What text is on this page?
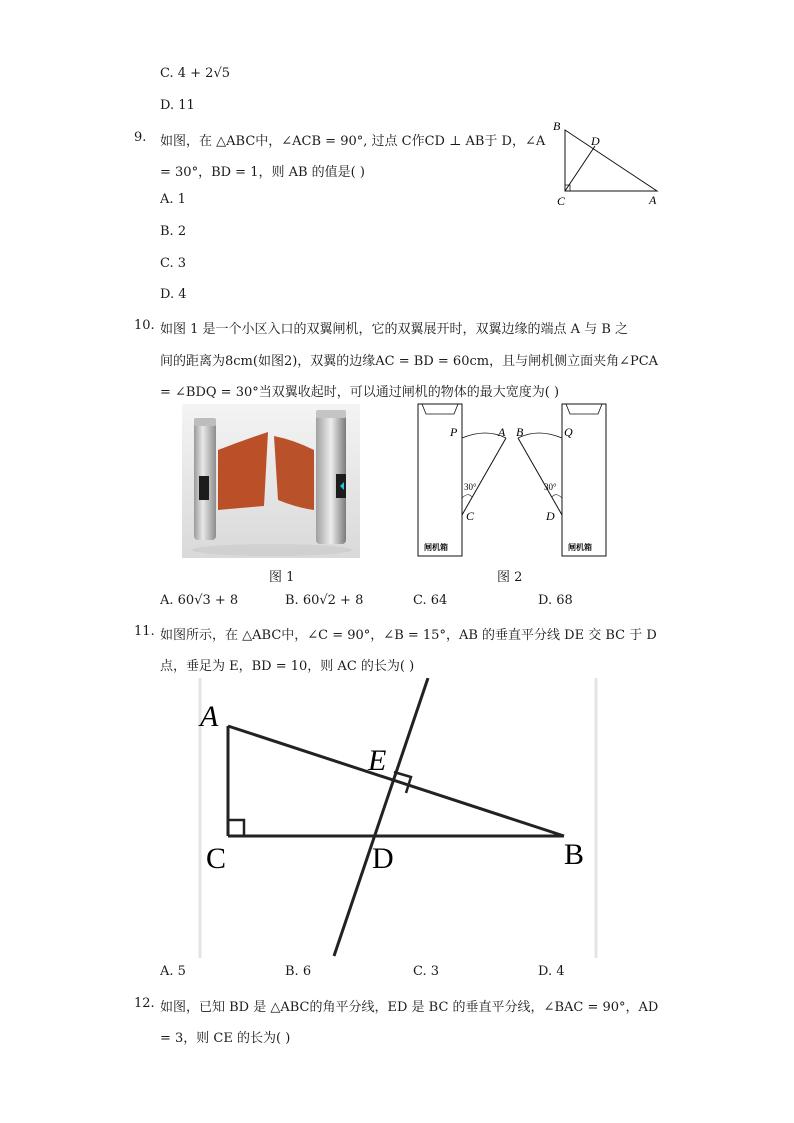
C. 4 + 2√5
D. 11
9. 如图，在 △ABC中，∠ACB = 90°, 过点 C作CD ⊥ AB于 D，∠A
= 30°，BD = 1，则 AB 的值是( )
A. 1
B. 2
C. 3
D. 4
B
D
C	A
10. 如图 1 是一个小区入口的双翼闸机，它的双翼展开时，双翼边缘的端点 A 与 B 之
间的距离为8cm(如图2)，双翼的边缘AC = BD = 60cm，且与闸机侧立面夹角∠PCA
= ∠BDQ = 30°当双翼收起时，可以通过闸机的物体的最大宽度为( )
图 1
P	A B	Q
C	D
30°	30°
闸机箱	闸机箱
图 2
A. 60√3 + 8	B. 60√2 + 8	C. 64	D. 68
11. 如图所示，在 △ABC中，∠C = 90°，∠B = 15°，AB 的垂直平分线 DE 交 BC 于 D
点，垂足为 E，BD = 10，则 AC 的长为( )
A
E
C	D	B
A. 5	B. 6	C. 3	D. 4
12. 如图，已知 BD 是 △ABC的角平分线，ED 是 BC 的垂直平分线，∠BAC = 90°，AD
= 3，则 CE 的长为( )
